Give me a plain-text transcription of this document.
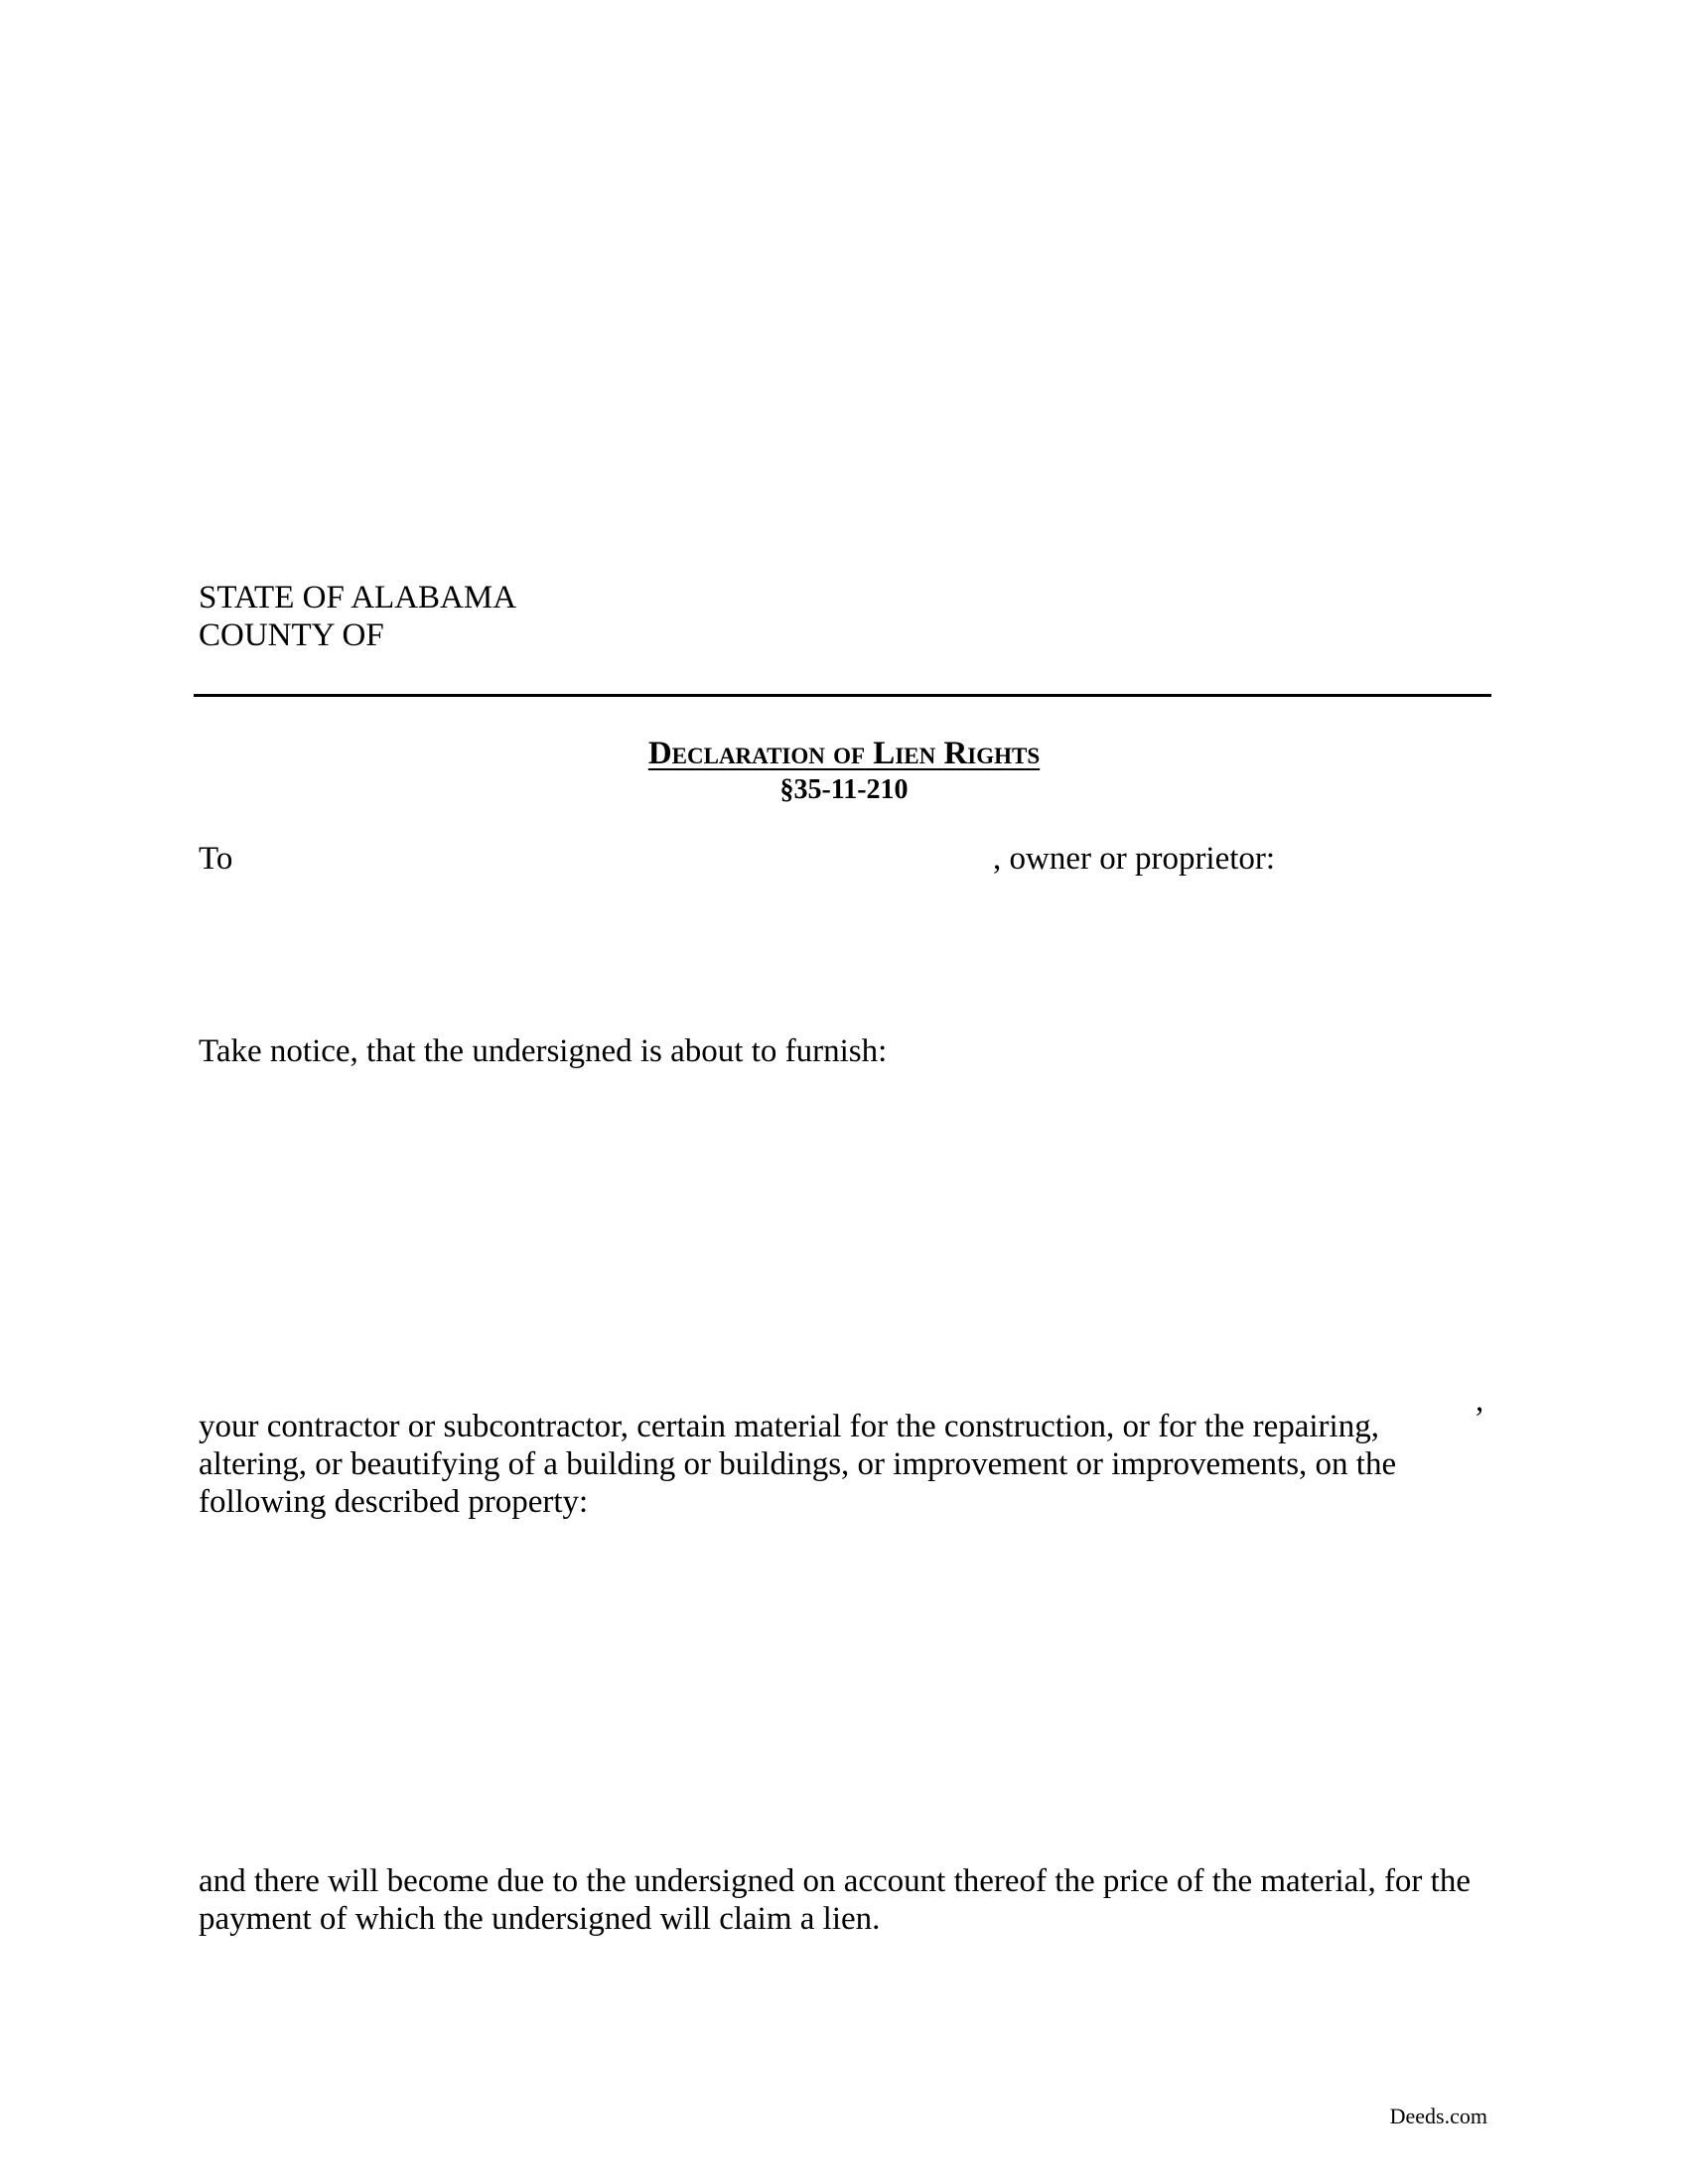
STATE OF ALABAMA
COUNTY OF
Declaration of Lien Rights
§35-11-210
To	, owner or proprietor:
Take notice, that the undersigned is about to furnish:
,
your contractor or subcontractor, certain material for the construction, or for the repairing,
altering, or beautifying of a building or buildings, or improvement or improvements, on the
following described property:
and there will become due to the undersigned on account thereof the price of the material, for the
payment of which the undersigned will claim a lien.
Deeds.com
